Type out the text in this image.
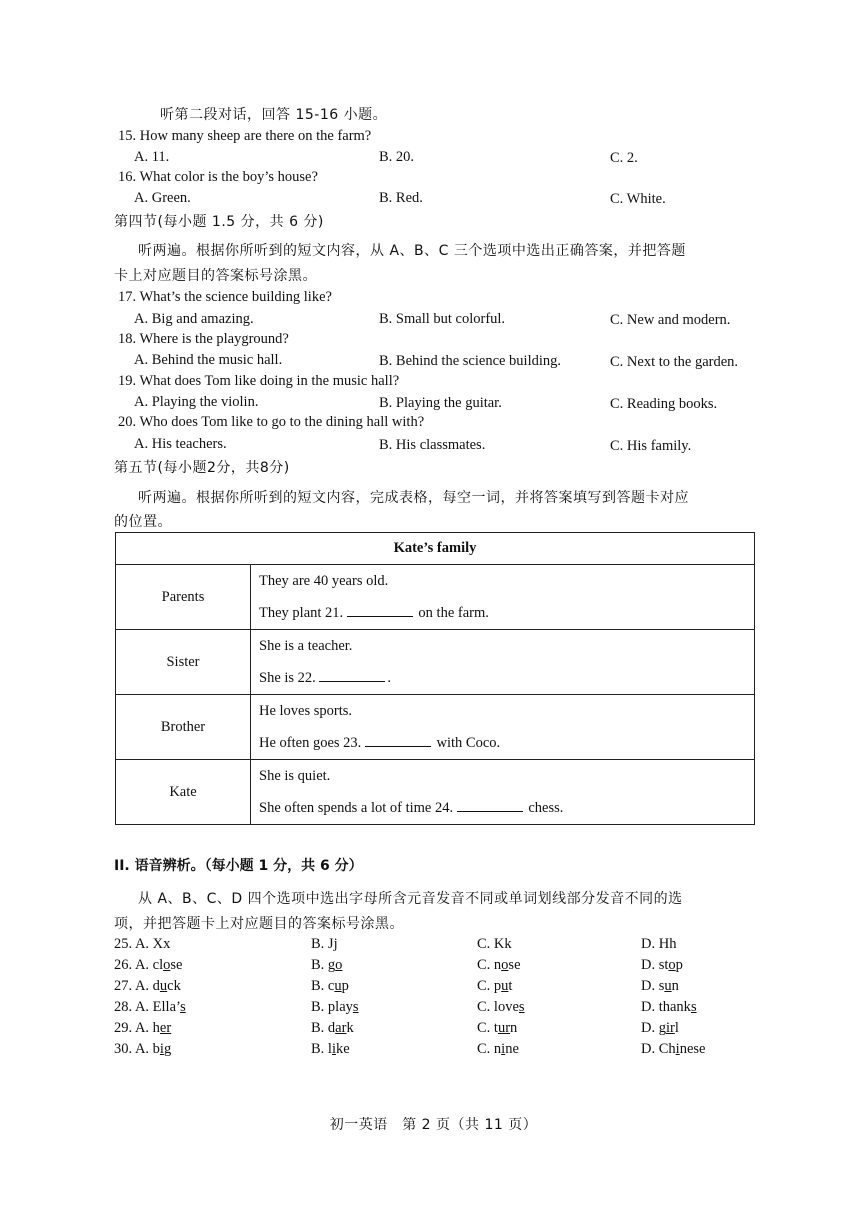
听第二段对话，回答 15-16 小题。
15. How many sheep are there on the farm?
A. 11.	B. 20.	C. 2.
16. What color is the boy’s house?
A. Green.	B. Red.	C. White.
第四节(每小题 1.5 分，共 6 分)
听两遍。根据你所听到的短文内容，从 A、B、C 三个选项中选出正确答案，并把答题
卡上对应题目的答案标号涂黑。
17. What’s the science building like?
A. Big and amazing.	B. Small but colorful.	C. New and modern.
18. Where is the playground?
A. Behind the music hall.	B. Behind the science building.	C. Next to the garden.
19. What does Tom like doing in the music hall?
A. Playing the violin.	B. Playing the guitar.	C. Reading books.
20. Who does Tom like to go to the dining hall with?
A. His teachers.	B. His classmates.	C. His family.
第五节(每小题2分，共8分)
听两遍。根据你所听到的短文内容，完成表格，每空一词，并将答案填写到答题卡对应
的位置。
Kate’s family	
Parents	They are 40 years old.
They plant 21. on the farm.

Sister	She is a teacher.
She is 22. .

Brother	He loves sports.
He often goes 23. with Coco.

Kate	She is quiet.
She often spends a lot of time 24. chess.
II. 语音辨析。（每小题 1 分，共 6 分）
从 A、B、C、D 四个选项中选出字母所含元音发音不同或单词划线部分发音不同的选
项，并把答题卡上对应题目的答案标号涂黑。
25. A. Xx	B. Jj	C. Kk	D. Hh
26. A. close	B. go	C. nose	D. stop
27. A. duck	B. cup	C. put	D. sun
28. A. Ella’s	B. plays	C. loves	D. thanks
29. A. her	B. dark	C. turn	D. girl
30. A. big	B. like	C. nine	D. Chinese
初一英语　第 2 页（共 11 页）
